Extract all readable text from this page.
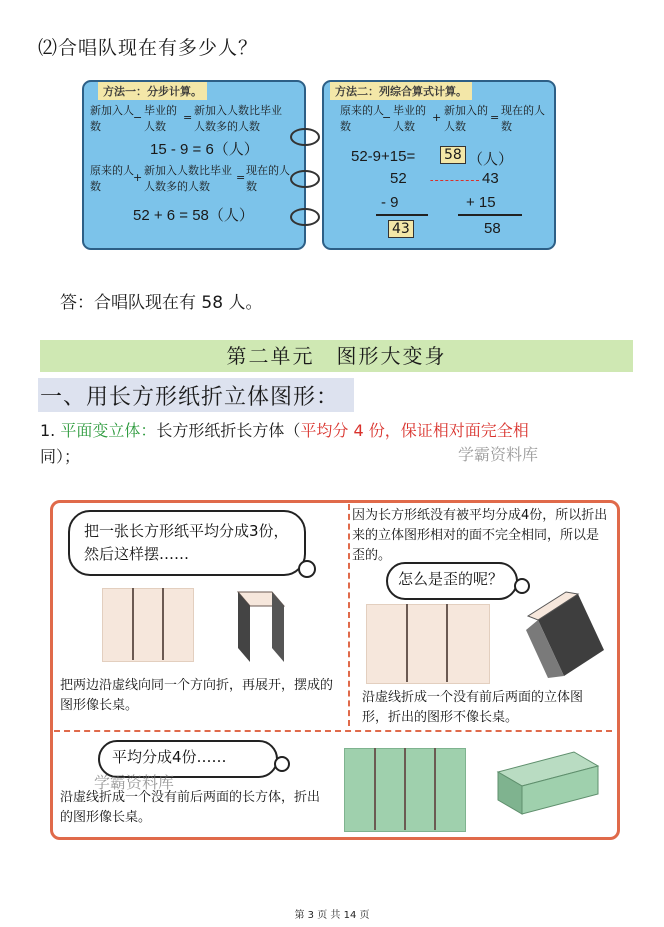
⑵合唱队现在有多少人？
方法一：分步计算。
新加入人数
−
毕业的人数
=
新加入人数比毕业人数多的人数
15 - 9 = 6（人）
原来的人数
+
新加入人数比毕业人数多的人数
=
现在的人数
52 + 6 = 58（人）
方法二：列综合算式计算。
原来的人数
−
毕业的人数
+
新加入的人数
=
现在的人数
52-9+15= 58 （人）
52
- 9
43
43
+ 15
58
答：合唱队现在有 58 人。
第二单元　图形大变身
一、用长方形纸折立体图形：
1. 平面变立体：长方形纸折长方体（平均分 4 份，保证相对面完全相
同）；	学霸资料库
把一张长方形纸平均分成3份，然后这样摆……
把两边沿虚线向同一个方向折，再展开，摆成的图形像长桌。
因为长方形纸没有被平均分成4份，所以折出来的立体图形相对的面不完全相同，所以是歪的。
怎么是歪的呢？
沿虚线折成一个没有前后两面的立体图形，折出的图形不像长桌。
平均分成4份……
学霸资料库
沿虚线折成一个没有前后两面的长方体，折出的图形像长桌。
第 3 页 共 14 页
